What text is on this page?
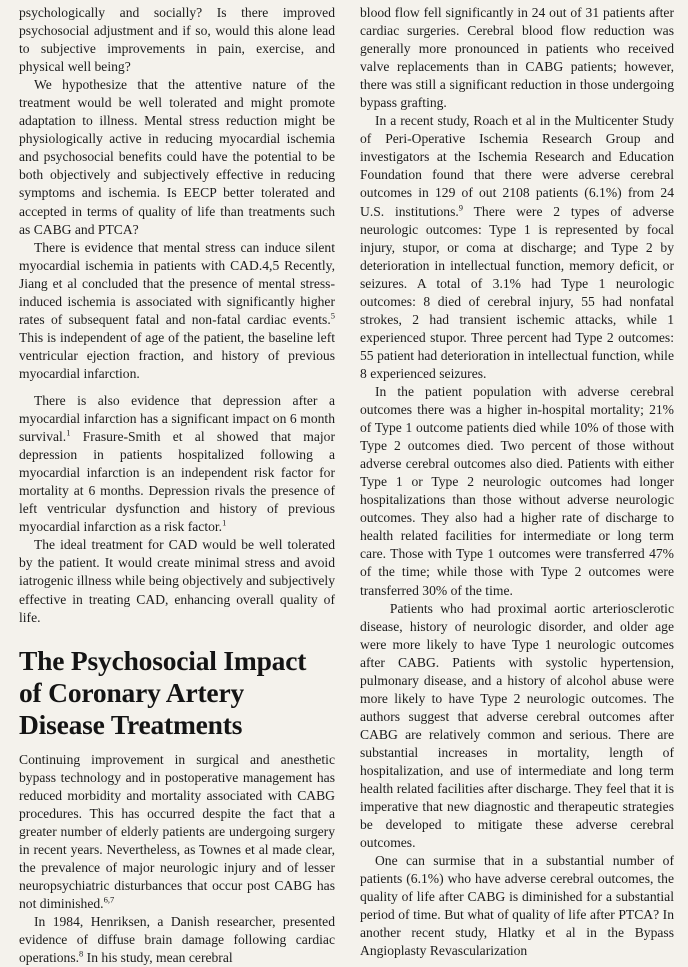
psychologically and socially? Is there improved psychosocial adjustment and if so, would this alone lead to subjective improvements in pain, exercise, and physical well being?

We hypothesize that the attentive nature of the treatment would be well tolerated and might promote adaptation to illness. Mental stress reduction might be physiologically active in reducing myocardial ischemia and psychosocial benefits could have the potential to be both objectively and subjectively effective in reducing symptoms and ischemia. Is EECP better tolerated and accepted in terms of quality of life than treatments such as CABG and PTCA?

There is evidence that mental stress can induce silent myocardial ischemia in patients with CAD.4,5 Recently, Jiang et al concluded that the presence of mental stress-induced ischemia is associated with significantly higher rates of subsequent fatal and non-fatal cardiac events.$^5$ This is independent of age of the patient, the baseline left ventricular ejection fraction, and history of previous myocardial infarction.

There is also evidence that depression after a myocardial infarction has a significant impact on 6 month survival.$^1$ Frasure-Smith et al showed that major depression in patients hospitalized following a myocardial infarction is an independent risk factor for mortality at 6 months. Depression rivals the presence of left ventricular dysfunction and history of previous myocardial infarction as a risk factor.$^1$

The ideal treatment for CAD would be well tolerated by the patient. It would create minimal stress and avoid iatrogenic illness while being objectively and subjectively effective in treating CAD, enhancing overall quality of life.

The Psychosocial Impact of Coronary Artery Disease Treatments

Continuing improvement in surgical and anesthetic bypass technology and in postoperative management has reduced morbidity and mortality associated with CABG procedures. This has occurred despite the fact that a greater number of elderly patients are undergoing surgery in recent years. Nevertheless, as Townes et al made clear, the prevalence of major neurologic injury and of lesser neuropsychiatric disturbances that occur post CABG has not diminished.$^{6,7}$

In 1984, Henriksen, a Danish researcher, presented evidence of diffuse brain damage following cardiac operations.$^8$ In his study, mean cerebral

blood flow fell significantly in 24 out of 31 patients after cardiac surgeries. Cerebral blood flow reduction was generally more pronounced in patients who received valve replacements than in CABG patients; however, there was still a significant reduction in those undergoing bypass grafting.

In a recent study, Roach et al in the Multicenter Study of Peri-Operative Ischemia Research Group and investigators at the Ischemia Research and Education Foundation found that there were adverse cerebral outcomes in 129 of out 2108 patients (6.1%) from 24 U.S. institutions.$^9$ There were 2 types of adverse neurologic outcomes: Type 1 is represented by focal injury, stupor, or coma at discharge; and Type 2 by deterioration in intellectual function, memory deficit, or seizures. A total of 3.1% had Type 1 neurologic outcomes: 8 died of cerebral injury, 55 had nonfatal strokes, 2 had transient ischemic attacks, while 1 experienced stupor. Three percent had Type 2 outcomes: 55 patient had deterioration in intellectual function, while 8 experienced seizures.

In the patient population with adverse cerebral outcomes there was a higher in-hospital mortality; 21% of Type 1 outcome patients died while 10% of those with Type 2 outcomes died. Two percent of those without adverse cerebral outcomes also died. Patients with either Type 1 or Type 2 neurologic outcomes had longer hospitalizations than those without adverse neurologic outcomes. They also had a higher rate of discharge to health related facilities for intermediate or long term care. Those with Type 1 outcomes were transferred 47% of the time; while those with Type 2 outcomes were transferred 30% of the time.

Patients who had proximal aortic arteriosclerotic disease, history of neurologic disorder, and older age were more likely to have Type 1 neurologic outcomes after CABG. Patients with systolic hypertension, pulmonary disease, and a history of alcohol abuse were more likely to have Type 2 neurologic outcomes. The authors suggest that adverse cerebral outcomes after CABG are relatively common and serious. There are substantial increases in mortality, length of hospitalization, and use of intermediate and long term health related facilities after discharge. They feel that it is imperative that new diagnostic and therapeutic strategies be developed to mitigate these adverse cerebral outcomes.

One can surmise that in a substantial number of patients (6.1%) who have adverse cerebral outcomes, the quality of life after CABG is diminished for a substantial period of time. But what of quality of life after PTCA? In another recent study, Hlatky et al in the Bypass Angioplasty Revascularization
